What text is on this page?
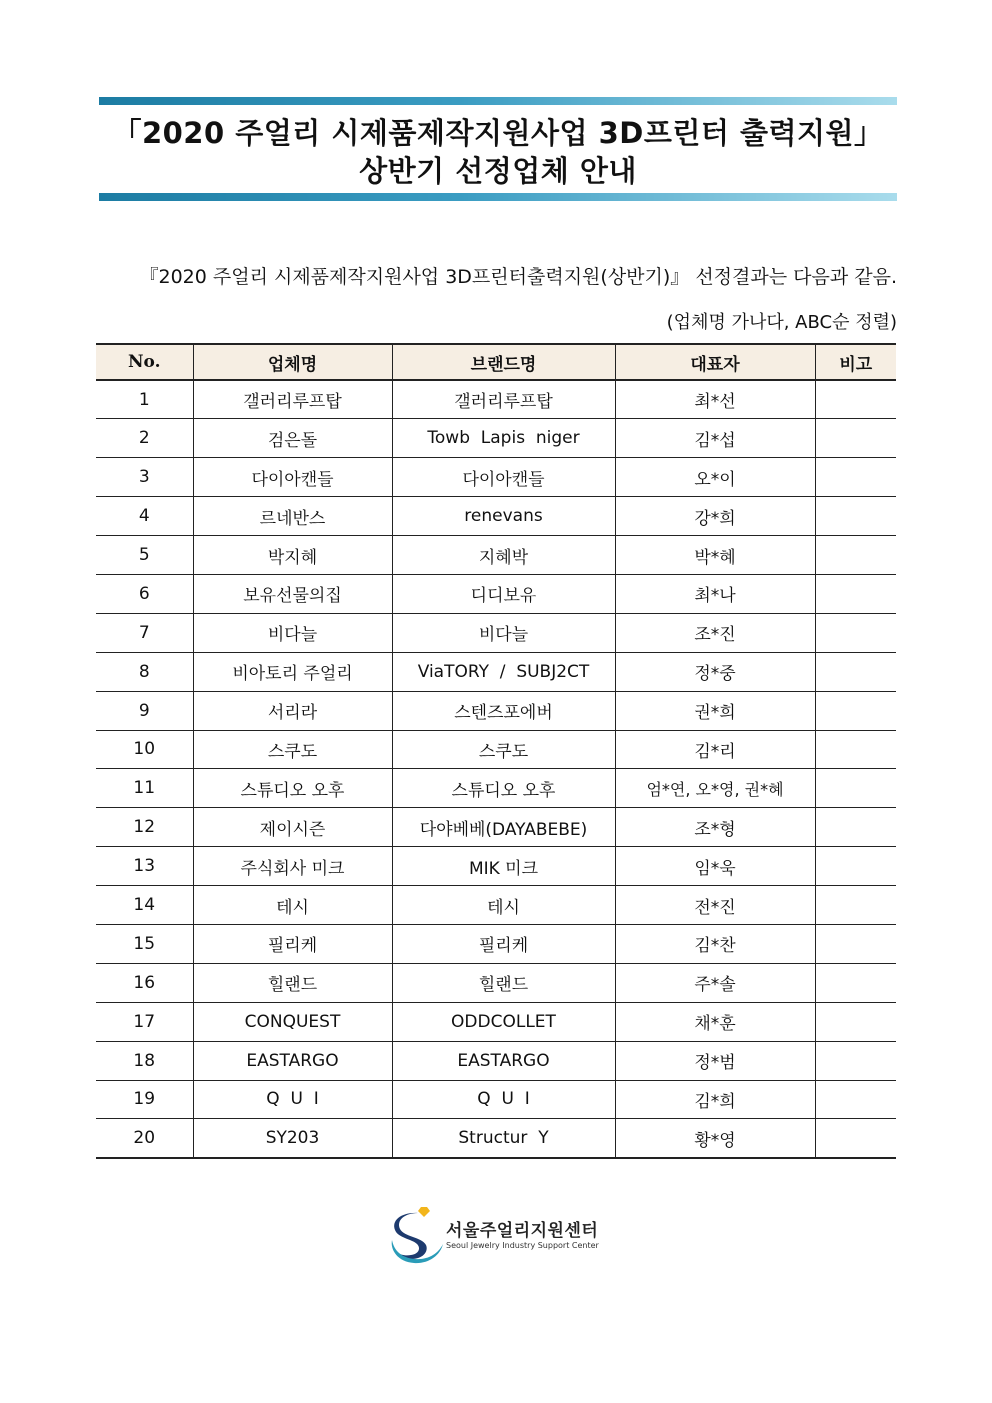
「2020 주얼리 시제품제작지원사업 3D프린터 출력지원」
상반기 선정업체 안내
『2020 주얼리 시제품제작지원사업 3D프린터출력지원(상반기)』 선정결과는 다음과 같음.
(업체명 가나다, ABC순 정렬)
No.	업체명	브랜드명	대표자	비고
1	갤러리루프탑	갤러리루프탑	최*선	
2	검은돌	Towb  Lapis  niger	김*섭	
3	다이아캔들	다이아캔들	오*이	
4	르네반스	renevans	강*희	
5	박지혜	지혜박	박*혜	
6	보유선물의집	디디보유	최*나	
7	비다늘	비다늘	조*진	
8	비아토리 주얼리	ViaTORY  /  SUBJ2CT	정*중	
9	서리라	스텐즈포에버	권*희	
10	스쿠도	스쿠도	김*리	
11	스튜디오 오후	스튜디오 오후	엄*연, 오*영, 권*혜	
12	제이시즌	다야베베(DAYABEBE)	조*형	
13	주식회사 미크	MIK 미크	임*욱	
14	테시	테시	전*진	
15	필리케	필리케	김*찬	
16	힐랜드	힐랜드	주*솔	
17	CONQUEST	ODDCOLLET	채*훈	
18	EASTARGO	EASTARGO	정*범	
19	Q  U  I	Q  U  I	김*희	
20	SY203	Structur  Y	황*영	
서울주얼리지원센터
Seoul Jewelry Industry Support Center
